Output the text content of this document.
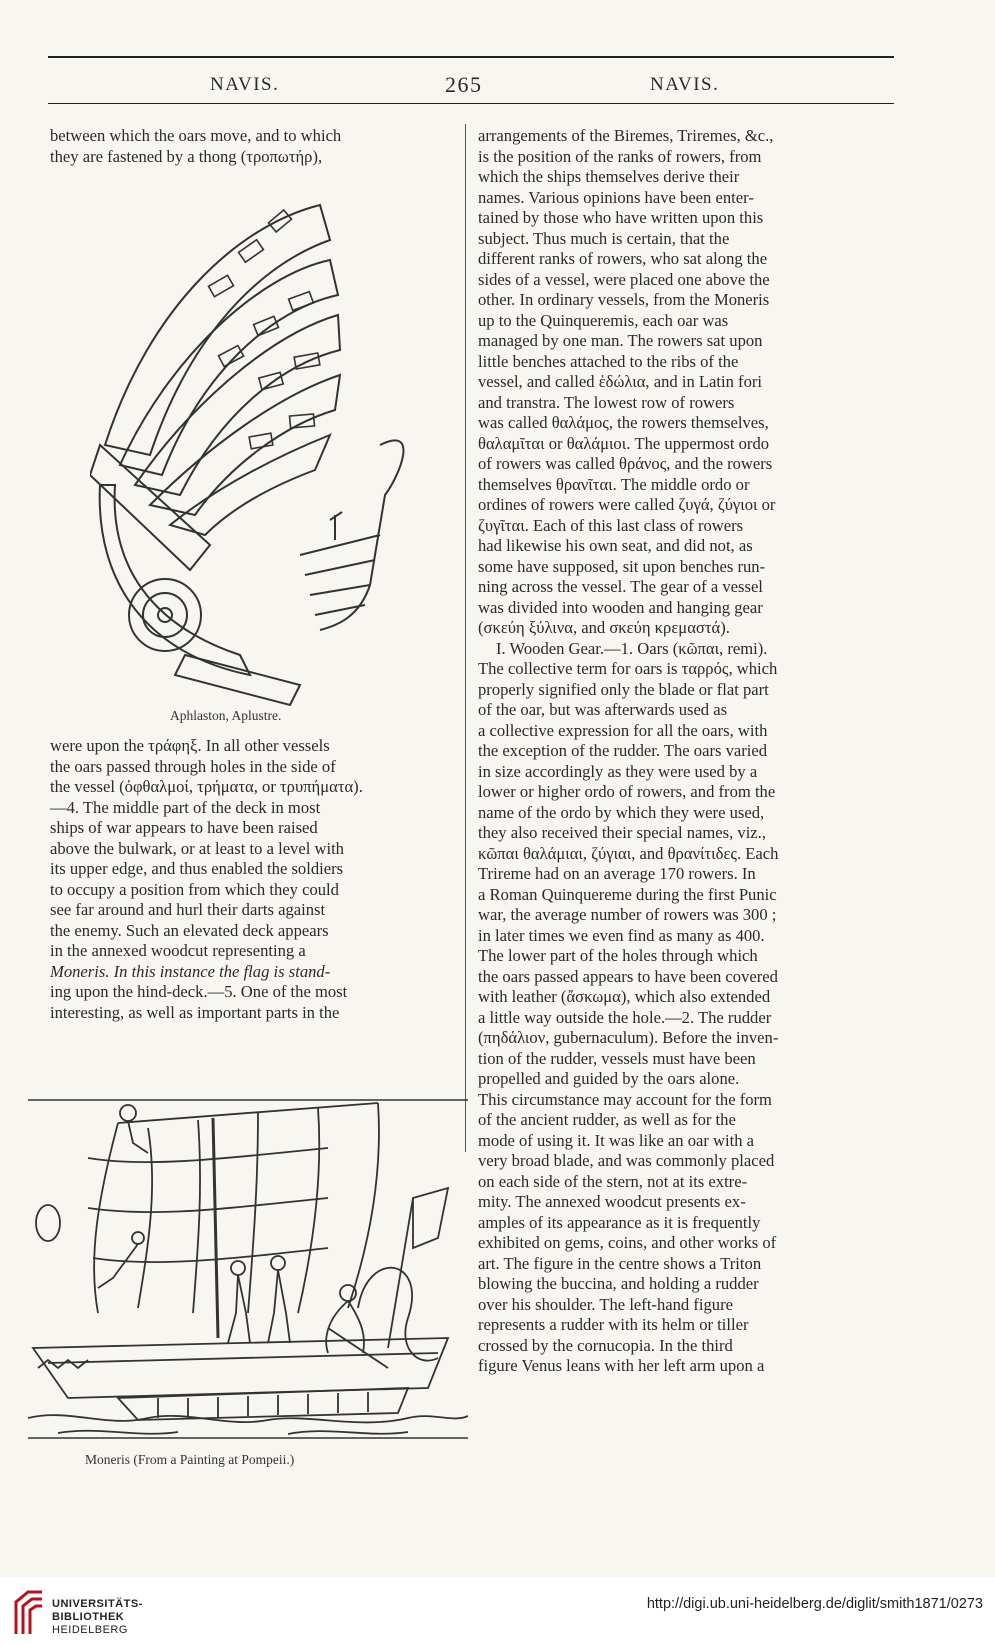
NAVIS.	265	NAVIS.

between which the oars move, and to which

they are fastened by a thong (τροπωτήρ),

Aphlaston, Aplustre.

were upon the τράφηξ. In all other vessels

the oars passed through holes in the side of

the vessel (ὀφθαλμοί, τρήματα, or τρυπήματα).

—4. The middle part of the deck in most

ships of war appears to have been raised

above the bulwark, or at least to a level with

its upper edge, and thus enabled the soldiers

to occupy a position from which they could

see far around and hurl their darts against

the enemy. Such an elevated deck appears

in the annexed woodcut representing a

Moneris. In this instance the flag is stand-

ing upon the hind-deck.—5. One of the most

interesting, as well as important parts in the

Moneris (From a Painting at Pompeii.)

arrangements of the Biremes, Triremes, &c.,

is the position of the ranks of rowers, from

which the ships themselves derive their

names. Various opinions have been enter-

tained by those who have written upon this

subject. Thus much is certain, that the

different ranks of rowers, who sat along the

sides of a vessel, were placed one above the

other. In ordinary vessels, from the Moneris

up to the Quinqueremis, each oar was

managed by one man. The rowers sat upon

little benches attached to the ribs of the

vessel, and called ἑδώλια, and in Latin fori

and transtra. The lowest row of rowers

was called θαλάμος, the rowers themselves,

θαλαμῖται or θαλάμιοι. The uppermost ordo

of rowers was called θράνος, and the rowers

themselves θρανῖται. The middle ordo or

ordines of rowers were called ζυγά, ζύγιοι or

ζυγῖται. Each of this last class of rowers

had likewise his own seat, and did not, as

some have supposed, sit upon benches run-

ning across the vessel. The gear of a vessel

was divided into wooden and hanging gear

(σκεύη ξύλινα, and σκεύη κρεμαστά).

I. Wooden Gear.—1. Oars (κῶπαι, remi).

The collective term for oars is ταρρός, which

properly signified only the blade or flat part

of the oar, but was afterwards used as

a collective expression for all the oars, with

the exception of the rudder. The oars varied

in size accordingly as they were used by a

lower or higher ordo of rowers, and from the

name of the ordo by which they were used,

they also received their special names, viz.,

κῶπαι θαλάμιαι, ζύγιαι, and θρανίτιδες. Each

Trireme had on an average 170 rowers. In

a Roman Quinquereme during the first Punic

war, the average number of rowers was 300 ;

in later times we even find as many as 400.

The lower part of the holes through which

the oars passed appears to have been covered

with leather (ἄσκωμα), which also extended

a little way outside the hole.—2. The rudder

(πηδάλιον, gubernaculum). Before the inven-

tion of the rudder, vessels must have been

propelled and guided by the oars alone.

This circumstance may account for the form

of the ancient rudder, as well as for the

mode of using it. It was like an oar with a

very broad blade, and was commonly placed

on each side of the stern, not at its extre-

mity. The annexed woodcut presents ex-

amples of its appearance as it is frequently

exhibited on gems, coins, and other works of

art. The figure in the centre shows a Triton

blowing the buccina, and holding a rudder

over his shoulder. The left-hand figure

represents a rudder with its helm or tiller

crossed by the cornucopia. In the third

figure Venus leans with her left arm upon a

UNIVERSITÄTS-
BIBLIOTHEK
HEIDELBERG
http://digi.ub.uni-heidelberg.de/diglit/smith1871/0273
